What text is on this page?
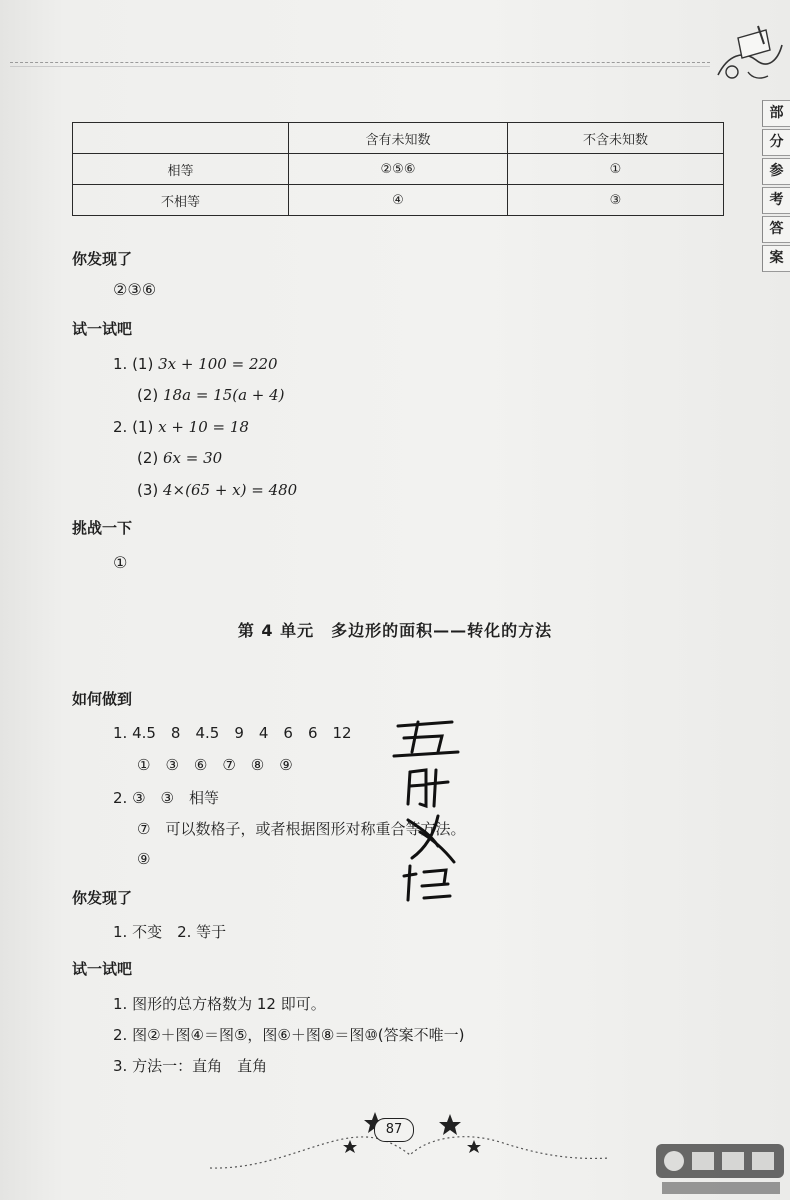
部
分
参
考
答
案
	含有未知数	不含未知数
相等	②⑤⑥	①
不相等	④	③
你发现了
②③⑥
试一试吧
1. (1) 3x + 100 = 220
(2) 18a = 15(a + 4)
2. (1) x + 10 = 18
(2) 6x = 30
(3) 4×(65 + x) = 480
挑战一下
①
第 4 单元　多边形的面积——转化的方法
如何做到
1. 4.5　8　4.5　9　4　6　6　12
①　③　⑥　⑦　⑧　⑨
2. ③　③　相等
⑦　可以数格子，或者根据图形对称重合等方法。
⑨
你发现了
1. 不变　2. 等于
试一试吧
1. 图形的总方格数为 12 即可。
2. 图②＋图④＝图⑤，图⑥＋图⑧＝图⑩(答案不唯一)
3. 方法一：直角　直角
87
